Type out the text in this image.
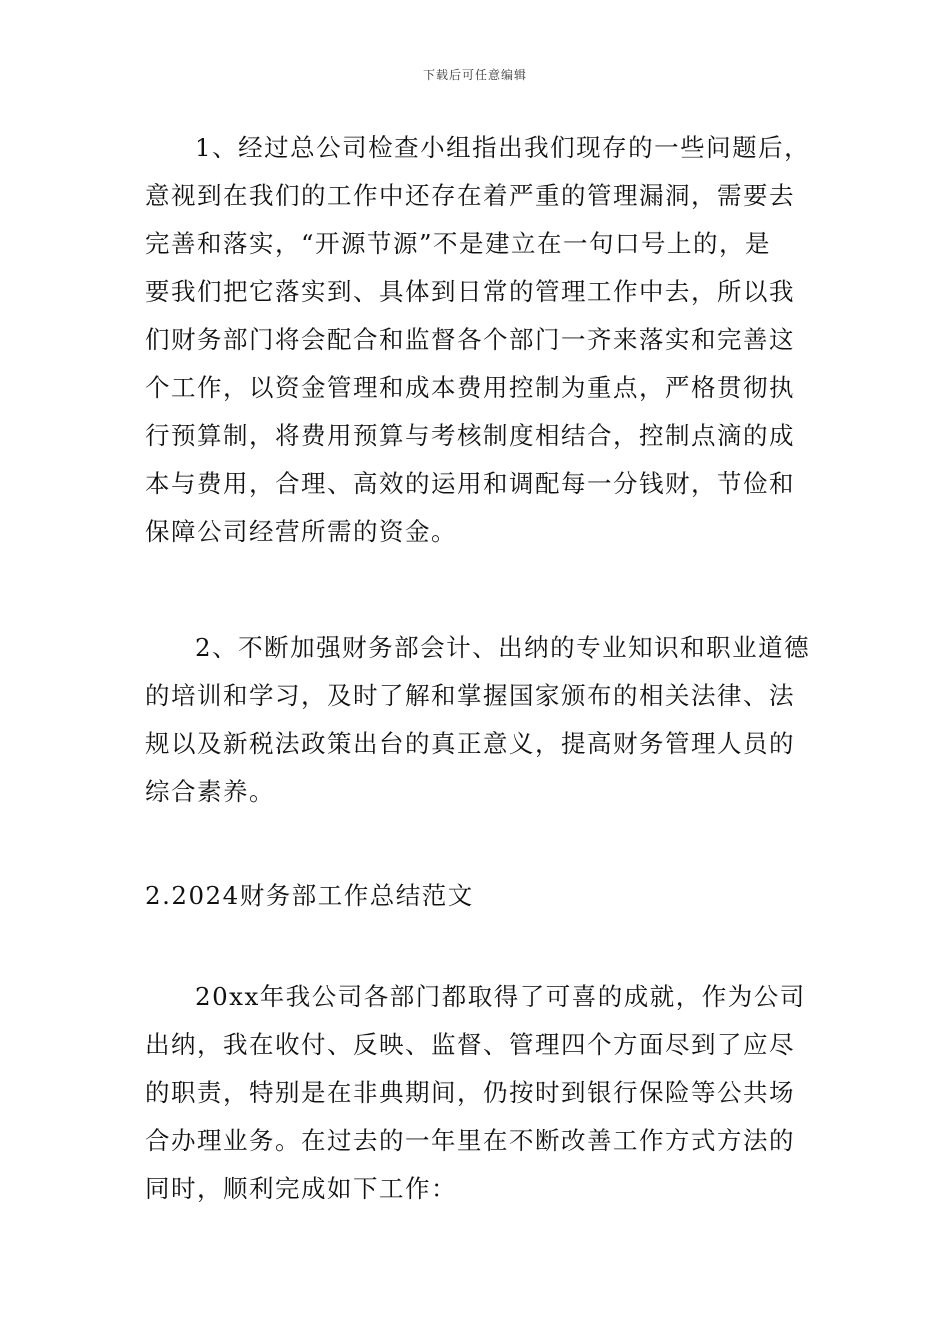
下载后可任意编辑
1、经过总公司检查小组指出我们现存的一些问题后，
意视到在我们的工作中还存在着严重的管理漏洞，需要去
完善和落实，“开源节源”不是建立在一句口号上的，是
要我们把它落实到、具体到日常的管理工作中去，所以我
们财务部门将会配合和监督各个部门一齐来落实和完善这
个工作，以资金管理和成本费用控制为重点，严格贯彻执
行预算制，将费用预算与考核制度相结合，控制点滴的成
本与费用，合理、高效的运用和调配每一分钱财，节俭和
保障公司经营所需的资金。
2、不断加强财务部会计、出纳的专业知识和职业道德
的培训和学习，及时了解和掌握国家颁布的相关法律、法
规以及新税法政策出台的真正意义，提高财务管理人员的
综合素养。
2.2024财务部工作总结范文
20xx年我公司各部门都取得了可喜的成就，作为公司
出纳，我在收付、反映、监督、管理四个方面尽到了应尽
的职责，特别是在非典期间，仍按时到银行保险等公共场
合办理业务。在过去的一年里在不断改善工作方式方法的
同时，顺利完成如下工作：
